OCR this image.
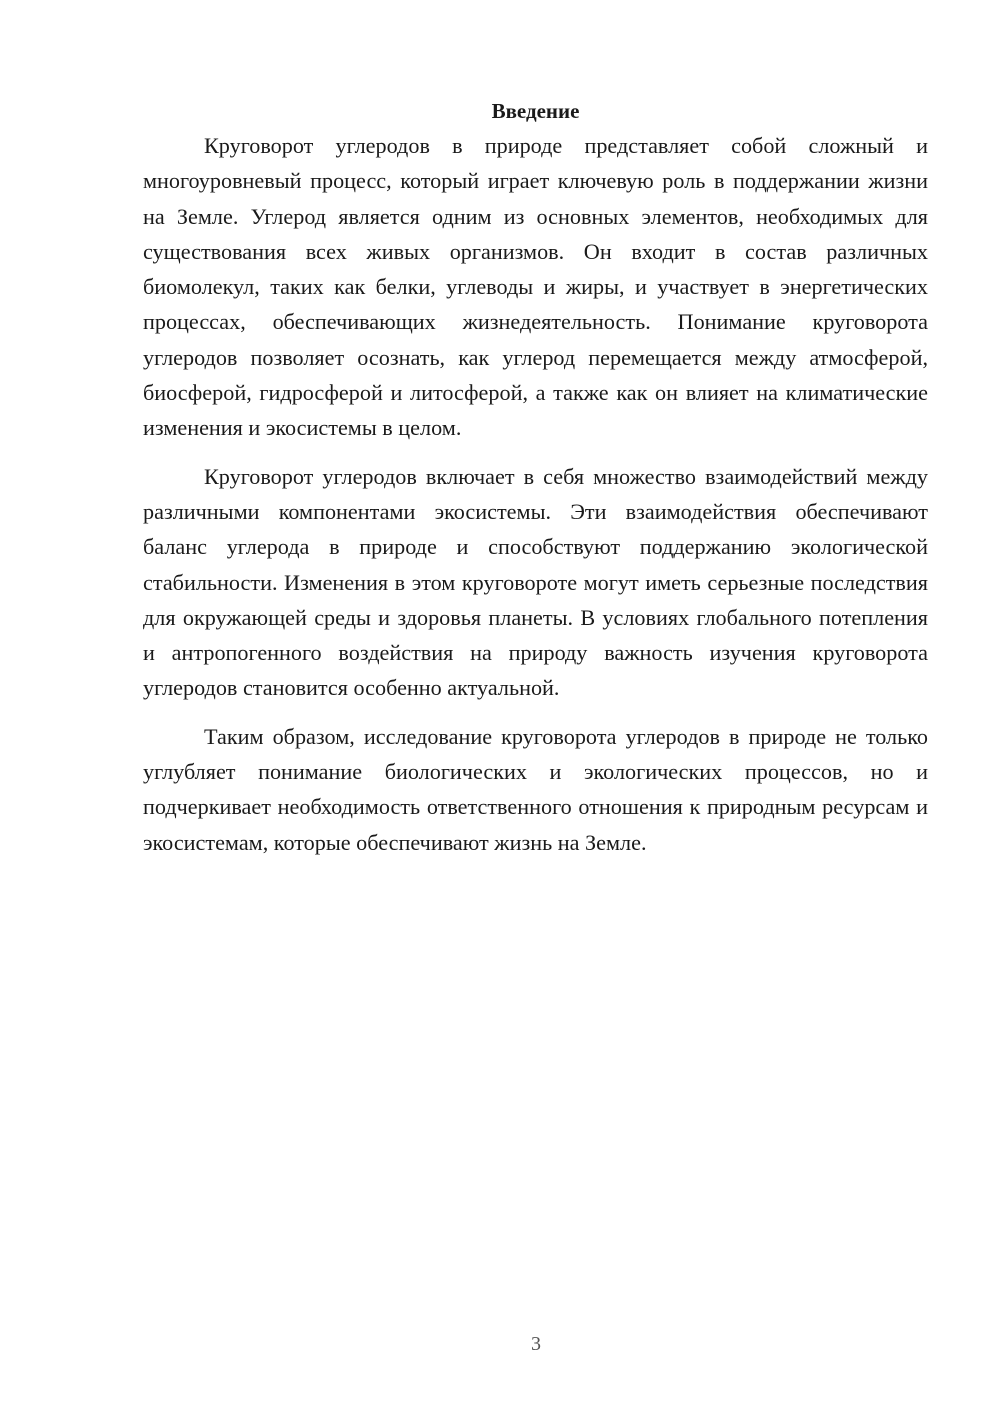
Введение

Круговорот углеродов в природе представляет собой сложный и многоуровневый процесс, который играет ключевую роль в поддержании жизни на Земле. Углерод является одним из основных элементов, необходимых для существования всех живых организмов. Он входит в состав различных биомолекул, таких как белки, углеводы и жиры, и участвует в энергетических процессах, обеспечивающих жизнедеятельность. Понимание круговорота углеродов позволяет осознать, как углерод перемещается между атмосферой, биосферой, гидросферой и литосферой, а также как он влияет на климатические изменения и экосистемы в целом.

Круговорот углеродов включает в себя множество взаимодействий между различными компонентами экосистемы. Эти взаимодействия обеспечивают баланс углерода в природе и способствуют поддержанию экологической стабильности. Изменения в этом круговороте могут иметь серьезные последствия для окружающей среды и здоровья планеты. В условиях глобального потепления и антропогенного воздействия на природу важность изучения круговорота углеродов становится особенно актуальной.

Таким образом, исследование круговорота углеродов в природе не только углубляет понимание биологических и экологических процессов, но и подчеркивает необходимость ответственного отношения к природным ресурсам и экосистемам, которые обеспечивают жизнь на Земле.

3
